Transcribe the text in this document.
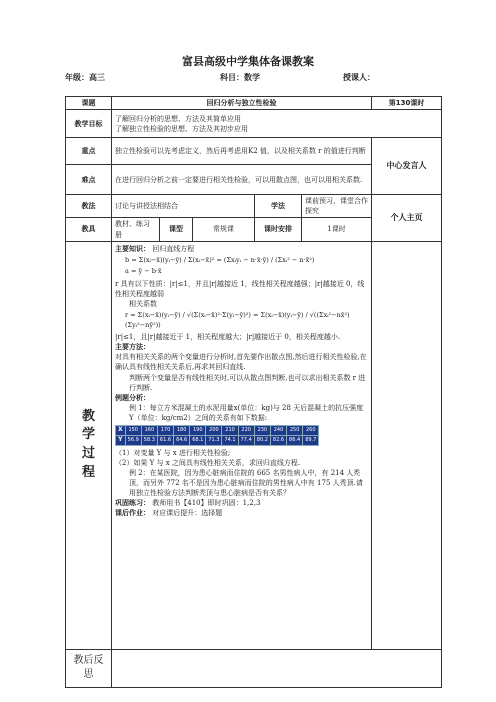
富县高级中学集体备课教案
年级：高三	科目：数学	授课人：
课题	回归分析与独立性检验	第130课时
教学目标	
了解回归分析的思想、方法及其简单应用
了解独立性检验的思想、方法及其初步应用

重点	独立性检验可以先考虑定义，然后再考虑用K2 值，以及相关系数 r 的值进行判断	中心发言人
难点	在进行回归分析之前一定要进行相关性检验，可以用散点图，也可以用相关系数.
教法	讨论与讲授法相结合	学法	课前预习、课堂合作探究	个人主页
教具	教材、练习册	课型	常规课	课时安排	1课时

教
学
过
程

主要知识： 回归直线方程
b = Σ(xᵢ−x̄)(yᵢ−ȳ) / Σ(xᵢ−x̄)² = (Σxᵢyᵢ − n·x̄·ȳ) / (Σxᵢ² − n·x̄²)
a = ȳ − b·x̄
r 具有以下性质：|r|≤1，并且|r|越接近 1，线性相关程度越强；|r|越接近 0，线性相关程度越弱
相关系数
r = Σ(xᵢ−x̄)(yᵢ−ȳ) / √(Σ(xᵢ−x̄)²·Σ(yᵢ−ȳ)²) = Σ(xᵢ−x̄)(yᵢ−ȳ) / √((Σxᵢ²−nx̄²)(Σyᵢ²−nȳ²))
|r|≤1，且|r|越接近于 1，相关程度越大；|r|越接近于 0，相关程度越小.
主要方法：
对具有相关关系的两个变量进行分析时,首先要作出散点图,然后进行相关性检验,在确认具有线性相关关系后,再求其回归直线.
判断两个变量是否有线性相关时,可以从散点图判断,也可以求出相关系数 r 进行判断.
例题分析：
例 1：每立方米混凝土的水泥用量x(单位：kg)与 28 天后混凝土的抗压强度 Y（单位：kg/cm2）之间的关系有如下数据:
X	150	160	170	180	190	200	210	220	230	240	250	260
Y	56.9	58.3	61.6	64.6	68.1	71.3	74.1	77.4	80.2	82.6	86.4	89.7
（1）对变量 Y 与 x 进行相关性检验;
（2）如果 Y 与 x 之间具有线性相关关系，求回归直线方程.
例 2：在某医院，因为患心脏病而住院的 665 名男性病人中，有 214 人秃顶，而另外 772 名不是因为患心脏病而住院的男性病人中有 175 人秃顶.请用独立性检验方法判断秃顶与患心脏病是否有关系？
巩固练习： 教师用书【410】即时巩固：1,2,3
课后作业： 对应课后提升：选择题

教后反思	
